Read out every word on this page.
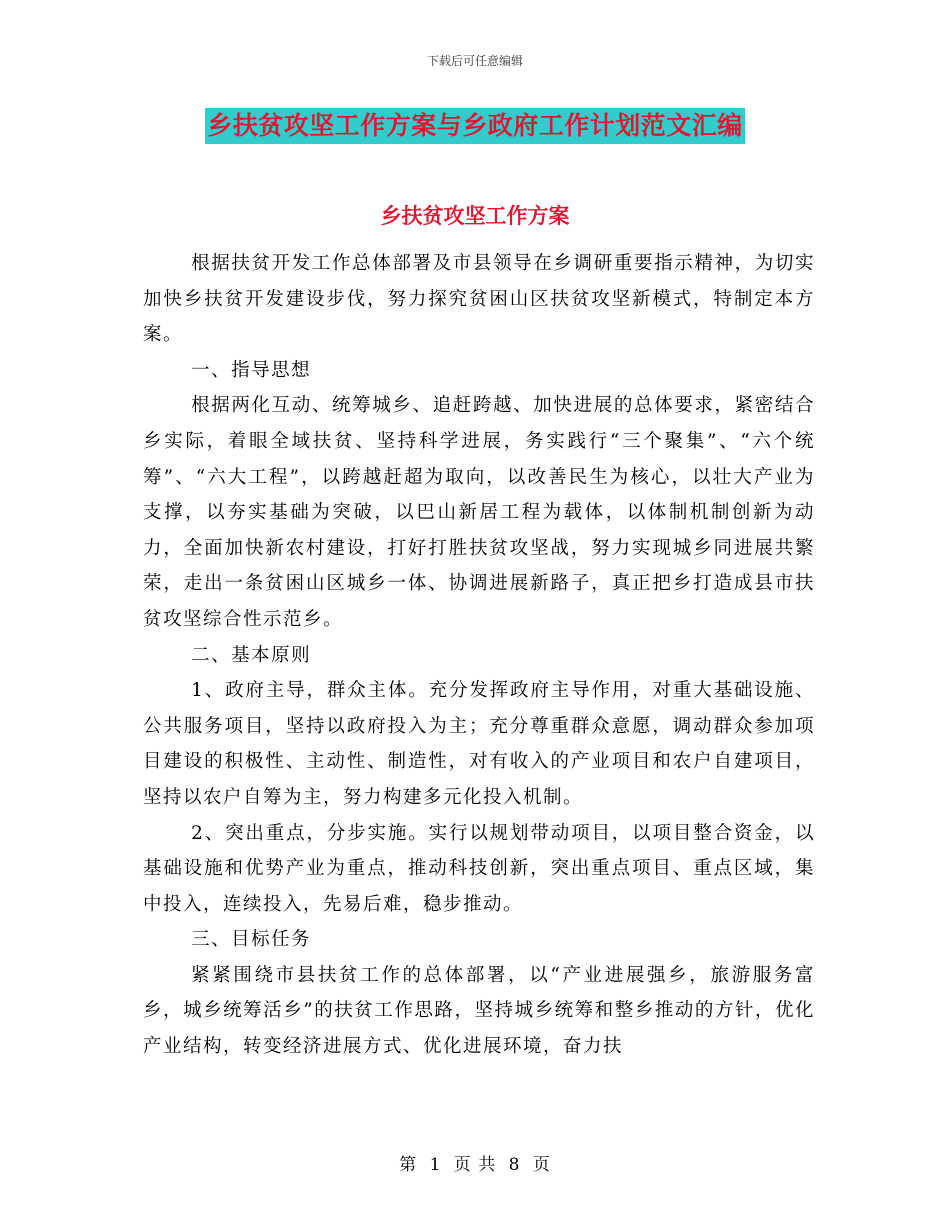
下载后可任意编辑
乡扶贫攻坚工作方案与乡政府工作计划范文汇编
乡扶贫攻坚工作方案

根据扶贫开发工作总体部署及市县领导在乡调研重要指示精神，为切实加快乡扶贫开发建设步伐，努力探究贫困山区扶贫攻坚新模式，特制定本方案。

一、指导思想

根据两化互动、统筹城乡、追赶跨越、加快进展的总体要求，紧密结合乡实际，着眼全域扶贫、坚持科学进展，务实践行“三个聚集”、“六个统筹”、“六大工程”，以跨越赶超为取向，以改善民生为核心，以壮大产业为支撑，以夯实基础为突破，以巴山新居工程为载体，以体制机制创新为动力，全面加快新农村建设，打好打胜扶贫攻坚战，努力实现城乡同进展共繁荣，走出一条贫困山区城乡一体、协调进展新路子，真正把乡打造成县市扶贫攻坚综合性示范乡。

二、基本原则

1、政府主导，群众主体。充分发挥政府主导作用，对重大基础设施、公共服务项目，坚持以政府投入为主；充分尊重群众意愿，调动群众参加项目建设的积极性、主动性、制造性，对有收入的产业项目和农户自建项目，坚持以农户自筹为主，努力构建多元化投入机制。

2、突出重点，分步实施。实行以规划带动项目，以项目整合资金，以基础设施和优势产业为重点，推动科技创新，突出重点项目、重点区域，集中投入，连续投入，先易后难，稳步推动。

三、目标任务

紧紧围绕市县扶贫工作的总体部署，以“产业进展强乡，旅游服务富乡，城乡统筹活乡”的扶贫工作思路，坚持城乡统筹和整乡推动的方针，优化产业结构，转变经济进展方式、优化进展环境，奋力扶

第 1 页 共 8 页
